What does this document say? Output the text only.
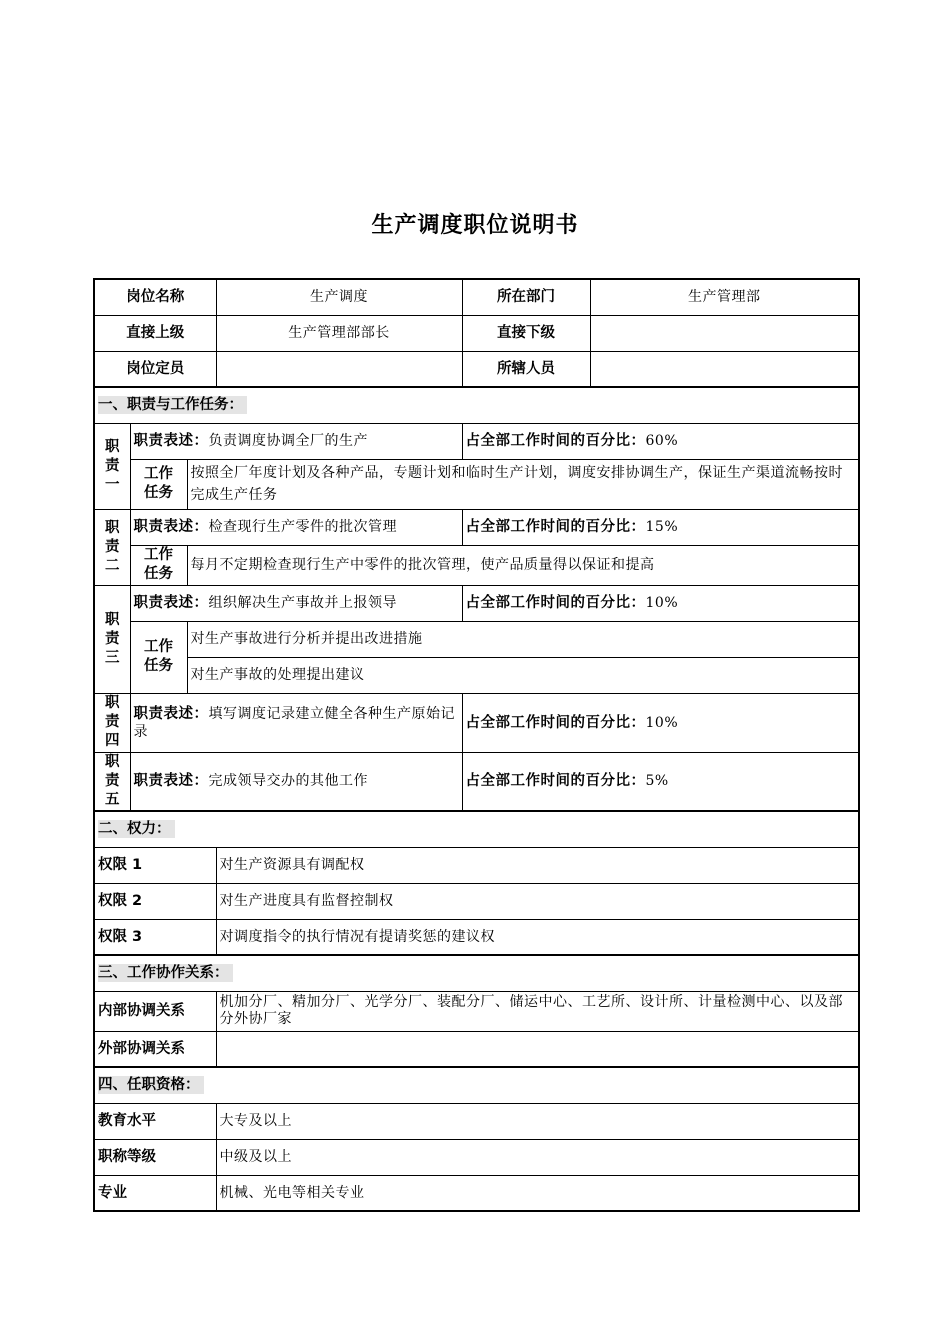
生产调度职位说明书
岗位名称			生产调度	所在部门	生产管理部
直接上级			生产管理部部长	直接下级	
岗位定员				所辖人员	
一、职责与工作任务：					

职
责
一	职责表述：负责调度协调全厂的生产			占全部工作时间的百分比：60%	

	工作
任务	按照全厂年度计划及各种产品，专题计划和临时生产计划，调度安排协调生产，保证生产渠道流畅按时完成生产任务			

职
责
二	职责表述：检查现行生产零件的批次管理			占全部工作时间的百分比：15%	

	工作
任务	每月不定期检查现行生产中零件的批次管理，使产品质量得以保证和提高			

职
责
三	职责表述：组织解决生产事故并上报领导			占全部工作时间的百分比：10%	

	工作
任务	对生产事故进行分析并提出改进措施			
		对生产事故的处理提出建议			

职
责
四	职责表述：填写调度记录建立健全各种生产原始记录			占全部工作时间的百分比：10%	

职
责
五	职责表述：完成领导交办的其他工作			占全部工作时间的百分比：5%	
二、权力：					
权限 1			对生产资源具有调配权		
权限 2			对生产进度具有监督控制权		
权限 3			对调度指令的执行情况有提请奖惩的建议权		
三、工作协作关系：					
内部协调关系			机加分厂、精加分厂、光学分厂、装配分厂、储运中心、工艺所、设计所、计量检测中心、以及部分外协厂家		
外部协调关系					
四、任职资格：					
教育水平			大专及以上		
职称等级			中级及以上		
专业			机械、光电等相关专业		
